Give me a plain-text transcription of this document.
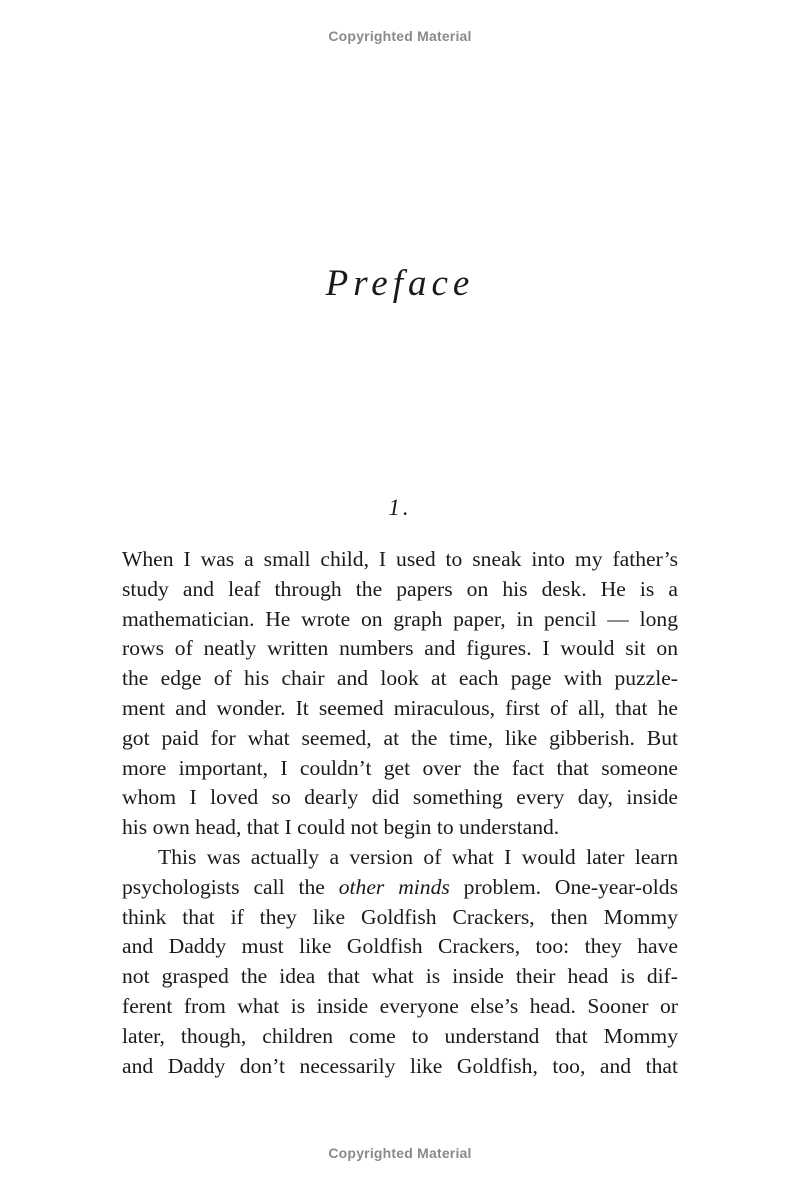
Copyrighted Material
Preface
1.
When I was a small child, I used to sneak into my father’s
study and leaf through the papers on his desk. He is a
mathematician. He wrote on graph paper, in pencil — long
rows of neatly written numbers and figures. I would sit on
the edge of his chair and look at each page with puzzle-
ment and wonder. It seemed miraculous, first of all, that he
got paid for what seemed, at the time, like gibberish. But
more important, I couldn’t get over the fact that someone
whom I loved so dearly did something every day, inside
his own head, that I could not begin to understand.
This was actually a version of what I would later learn
psychologists call the other minds problem. One-year-olds
think that if they like Goldfish Crackers, then Mommy
and Daddy must like Goldfish Crackers, too: they have
not grasped the idea that what is inside their head is dif-
ferent from what is inside everyone else’s head. Sooner or
later, though, children come to understand that Mommy
and Daddy don’t necessarily like Goldfish, too, and that
Copyrighted Material
